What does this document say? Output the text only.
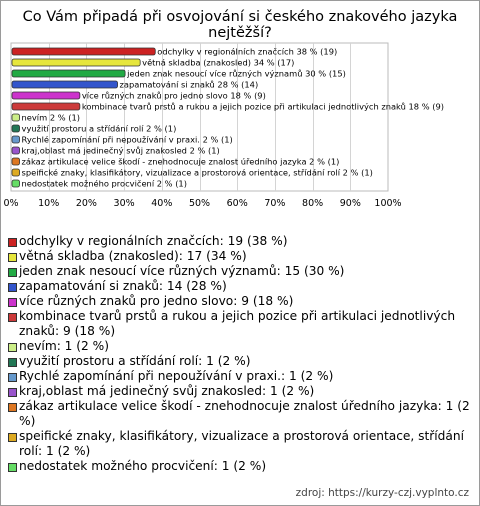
Co Vám připadá při osvojování si českého znakového jazyka nejtěžší?
0% 10% 20% 30% 40% 50% 60% 70% 80% 90% 100%
odchylky v regionálních značcích 38 % (19)
větná skladba (znakosled) 34 % (17)
jeden znak nesoucí více různých významů 30 % (15)
zapamatování si znaků 28 % (14)
více různých znaků pro jedno slovo 18 % (9)
kombinace tvarů prstů a rukou a jejich pozice při artikulaci jednotlivých znaků 18 % (9)
nevím 2 % (1)
využití prostoru a střídání rolí 2 % (1)
Rychlé zapomínání při nepoužívání v praxi. 2 % (1)
kraj,oblast má jedinečný svůj znakosled 2 % (1)
zákaz artikulace velice škodí - znehodnocuje znalost úředního jazyka 2 % (1)
speifické znaky, klasifikátory, vizualizace a prostorová orientace, střídání rolí 2 % (1)
nedostatek možného procvičení 2 % (1)
odchylky v regionálních značcích: 19 (38 %)
větná skladba (znakosled): 17 (34 %)
jeden znak nesoucí více různých významů: 15 (30 %)
zapamatování si znaků: 14 (28 %)
více různých znaků pro jedno slovo: 9 (18 %)
kombinace tvarů prstů a rukou a jejich pozice při artikulaci jednotlivých znaků: 9 (18 %)
nevím: 1 (2 %)
využití prostoru a střídání rolí: 1 (2 %)
Rychlé zapomínání při nepoužívání v praxi.: 1 (2 %)
kraj,oblast má jedinečný svůj znakosled: 1 (2 %)
zákaz artikulace velice škodí - znehodnocuje znalost úředního jazyka: 1 (2 %)
speifické znaky, klasifikátory, vizualizace a prostorová orientace, střídání rolí: 1 (2 %)
nedostatek možného procvičení: 1 (2 %)
zdroj: https://kurzy-czj.vyplnto.cz
